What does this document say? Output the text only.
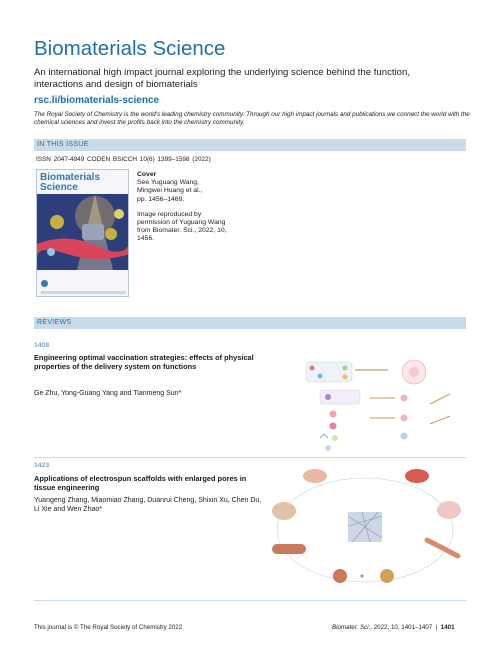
Biomaterials Science
An international high impact journal exploring the underlying science behind the function, interactions and design of biomaterials
rsc.li/biomaterials-science
The Royal Society of Chemistry is the world's leading chemistry community. Through our high impact journals and publications we connect the world with the chemical sciences and invest the profits back into the chemistry community.
IN THIS ISSUE
ISSN 2047-4849 CODEN BSICCH 10(6) 1399–1598 (2022)
Biomaterials
Science
Cover
See Yuguang Wang,
Mingwei Huang et al.,
pp. 1456–1469.
Image reproduced by
permission of Yuguang Wang
from Biomater. Sci., 2022, 10,
1456.
REVIEWS
1408
Engineering optimal vaccination strategies: effects of physical properties of the delivery system on functions
Ge Zhu, Yong-Guang Yang and Tianmeng Sun*
1423
Applications of electrospun scaffolds with enlarged pores in tissue engineering
Yuangeng Zhang, Miaomiao Zhang, Duanrui Cheng, Shixin Xu, Chen Du, Li Xie and Wen Zhao*
This journal is © The Royal Society of Chemistry 2022	Biomater. Sci., 2022, 10, 1401–1407  |  1401
